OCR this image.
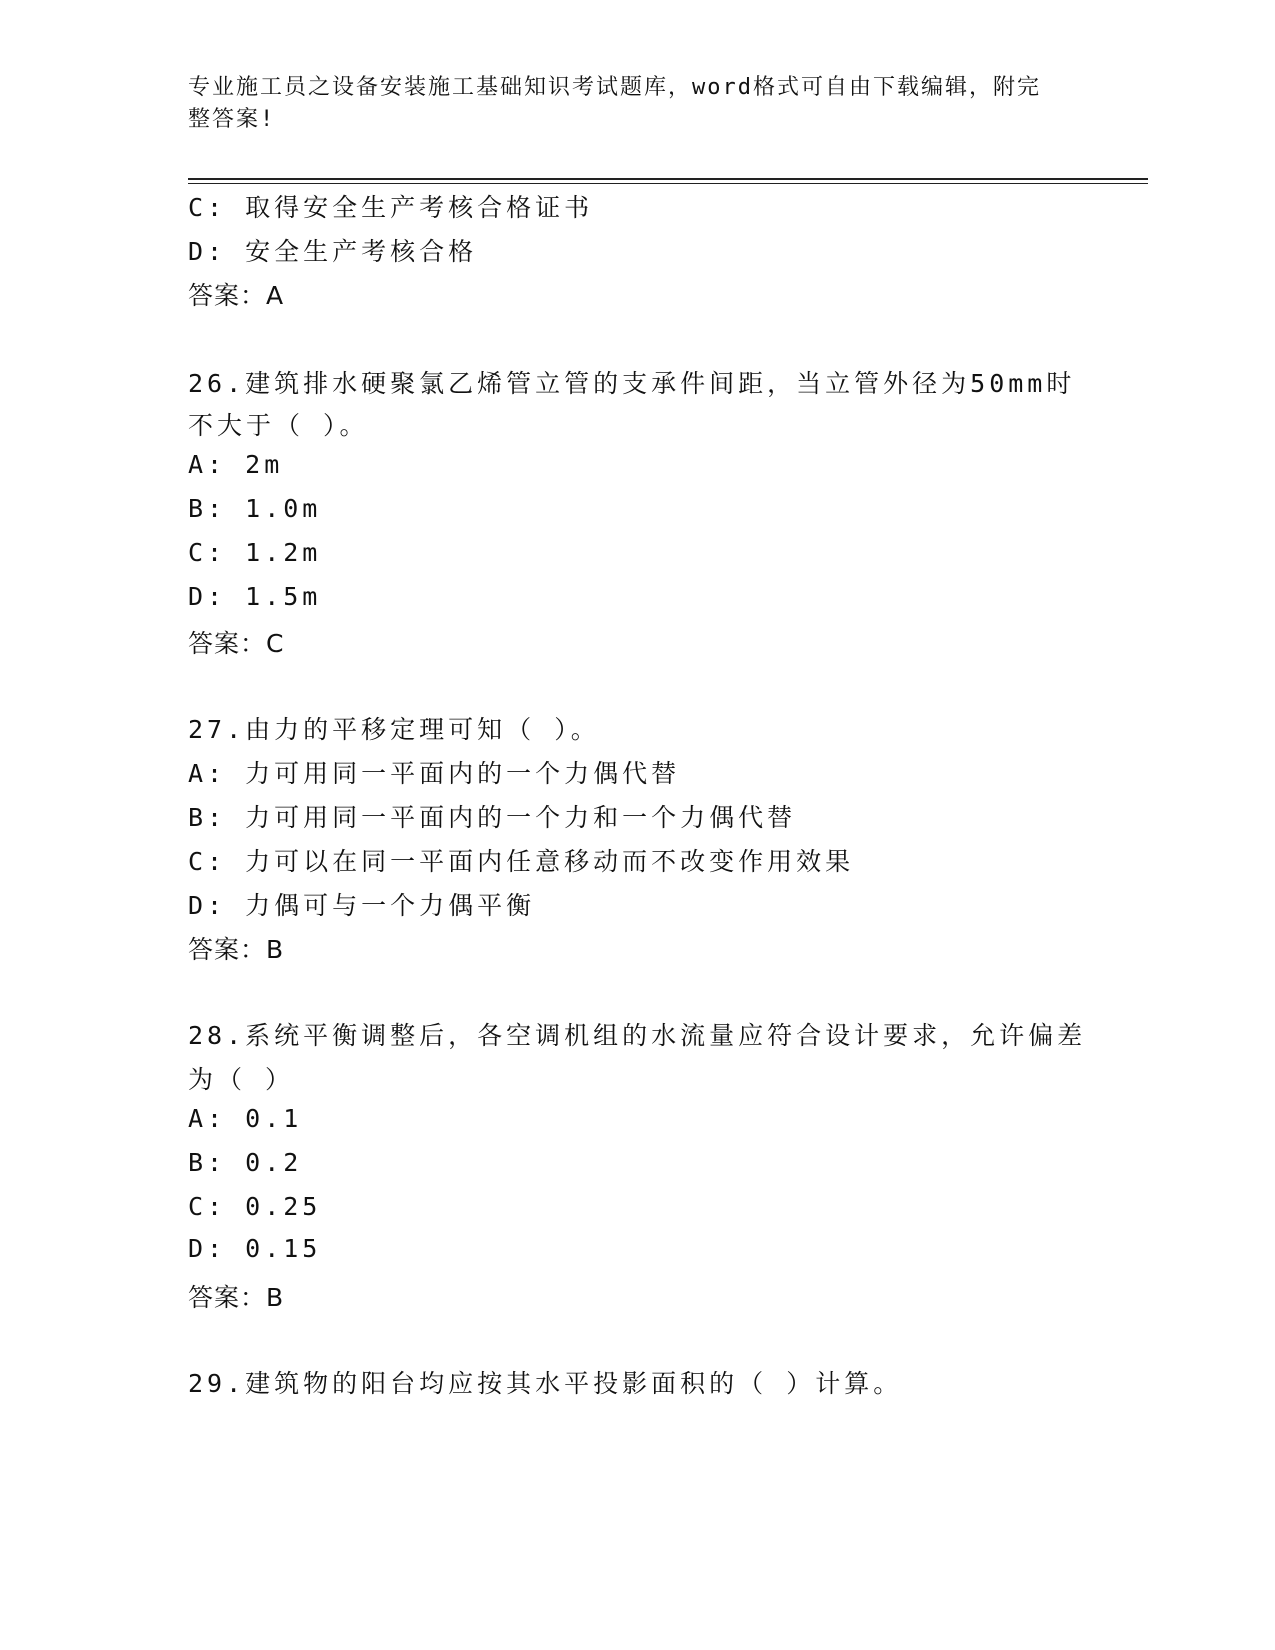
专业施工员之设备安装施工基础知识考试题库，word格式可自由下载编辑，附完
整答案!
C: 取得安全生产考核合格证书
D: 安全生产考核合格
答案：A
26.建筑排水硬聚氯乙烯管立管的支承件间距，当立管外径为50mm时
不大于（ ）。
A: 2m
B: 1.0m
C: 1.2m
D: 1.5m
答案：C
27.由力的平移定理可知（ ）。
A: 力可用同一平面内的一个力偶代替
B: 力可用同一平面内的一个力和一个力偶代替
C: 力可以在同一平面内任意移动而不改变作用效果
D: 力偶可与一个力偶平衡
答案：B
28.系统平衡调整后，各空调机组的水流量应符合设计要求，允许偏差
为（ ）
A: 0.1
B: 0.2
C: 0.25
D: 0.15
答案：B
29.建筑物的阳台均应按其水平投影面积的（ ）计算。
